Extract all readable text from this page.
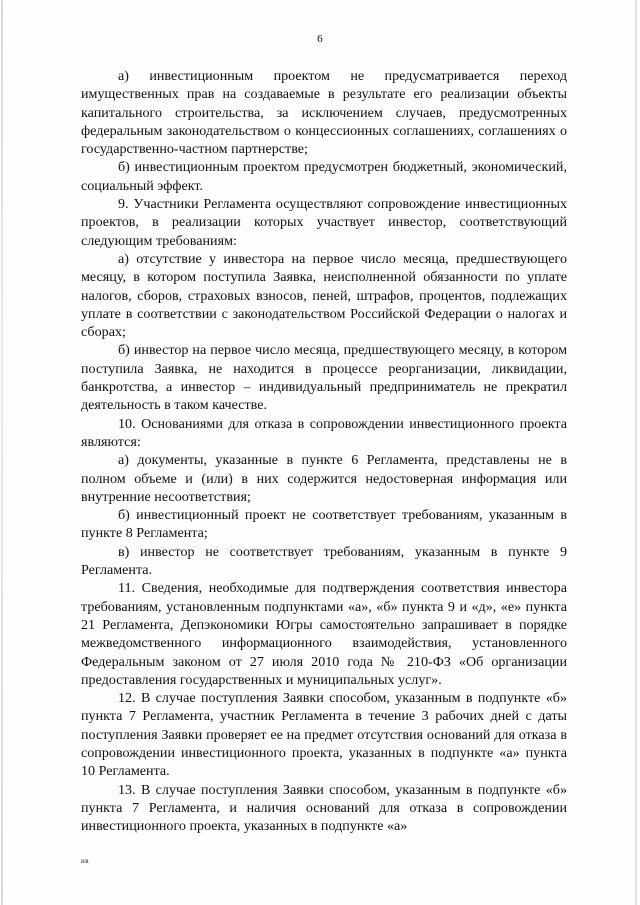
6

а) инвестиционным проектом не предусматривается переход имущественных прав на создаваемые в результате его реализации объекты капитального строительства, за исключением случаев, предусмотренных федеральным законодательством о концессионных соглашениях, соглашениях о государственно-частном партнерстве;

б) инвестиционным проектом предусмотрен бюджетный, экономический, социальный эффект.

9. Участники Регламента осуществляют сопровождение инвестиционных проектов, в реализации которых участвует инвестор, соответствующий следующим требованиям:

а) отсутствие у инвестора на первое число месяца, предшествующего месяцу, в котором поступила Заявка, неисполненной обязанности по уплате налогов, сборов, страховых взносов, пеней, штрафов, процентов, подлежащих уплате в соответствии с законодательством Российской Федерации о налогах и сборах;

б) инвестор на первое число месяца, предшествующего месяцу, в котором поступила Заявка, не находится в процессе реорганизации, ликвидации, банкротства, а инвестор – индивидуальный предприниматель не прекратил деятельность в таком качестве.

10. Основаниями для отказа в сопровождении инвестиционного проекта являются:

а) документы, указанные в пункте 6 Регламента, представлены не в полном объеме и (или) в них содержится недостоверная информация или внутренние несоответствия;

б) инвестиционный проект не соответствует требованиям, указанным в пункте 8 Регламента;

в) инвестор не соответствует требованиям, указанным в пункте 9 Регламента.

11. Сведения, необходимые для подтверждения соответствия инвестора требованиям, установленным подпунктами «а», «б» пункта 9 и «д», «е» пункта 21 Регламента, Депэкономики Югры самостоятельно запрашивает в порядке межведомственного информационного взаимодействия, установленного Федеральным законом от 27 июля 2010 года № 210-ФЗ «Об организации предоставления государственных и муниципальных услуг».

12. В случае поступления Заявки способом, указанным в подпункте «б» пункта 7 Регламента, участник Регламента в течение 3 рабочих дней с даты поступления Заявки проверяет ее на предмет отсутствия оснований для отказа в сопровождении инвестиционного проекта, указанных в подпункте «а» пункта 10 Регламента.

13. В случае поступления Заявки способом, указанным в подпункте «б» пункта 7 Регламента, и наличия оснований для отказа в сопровождении инвестиционного проекта, указанных в подпункте «а»

нв
